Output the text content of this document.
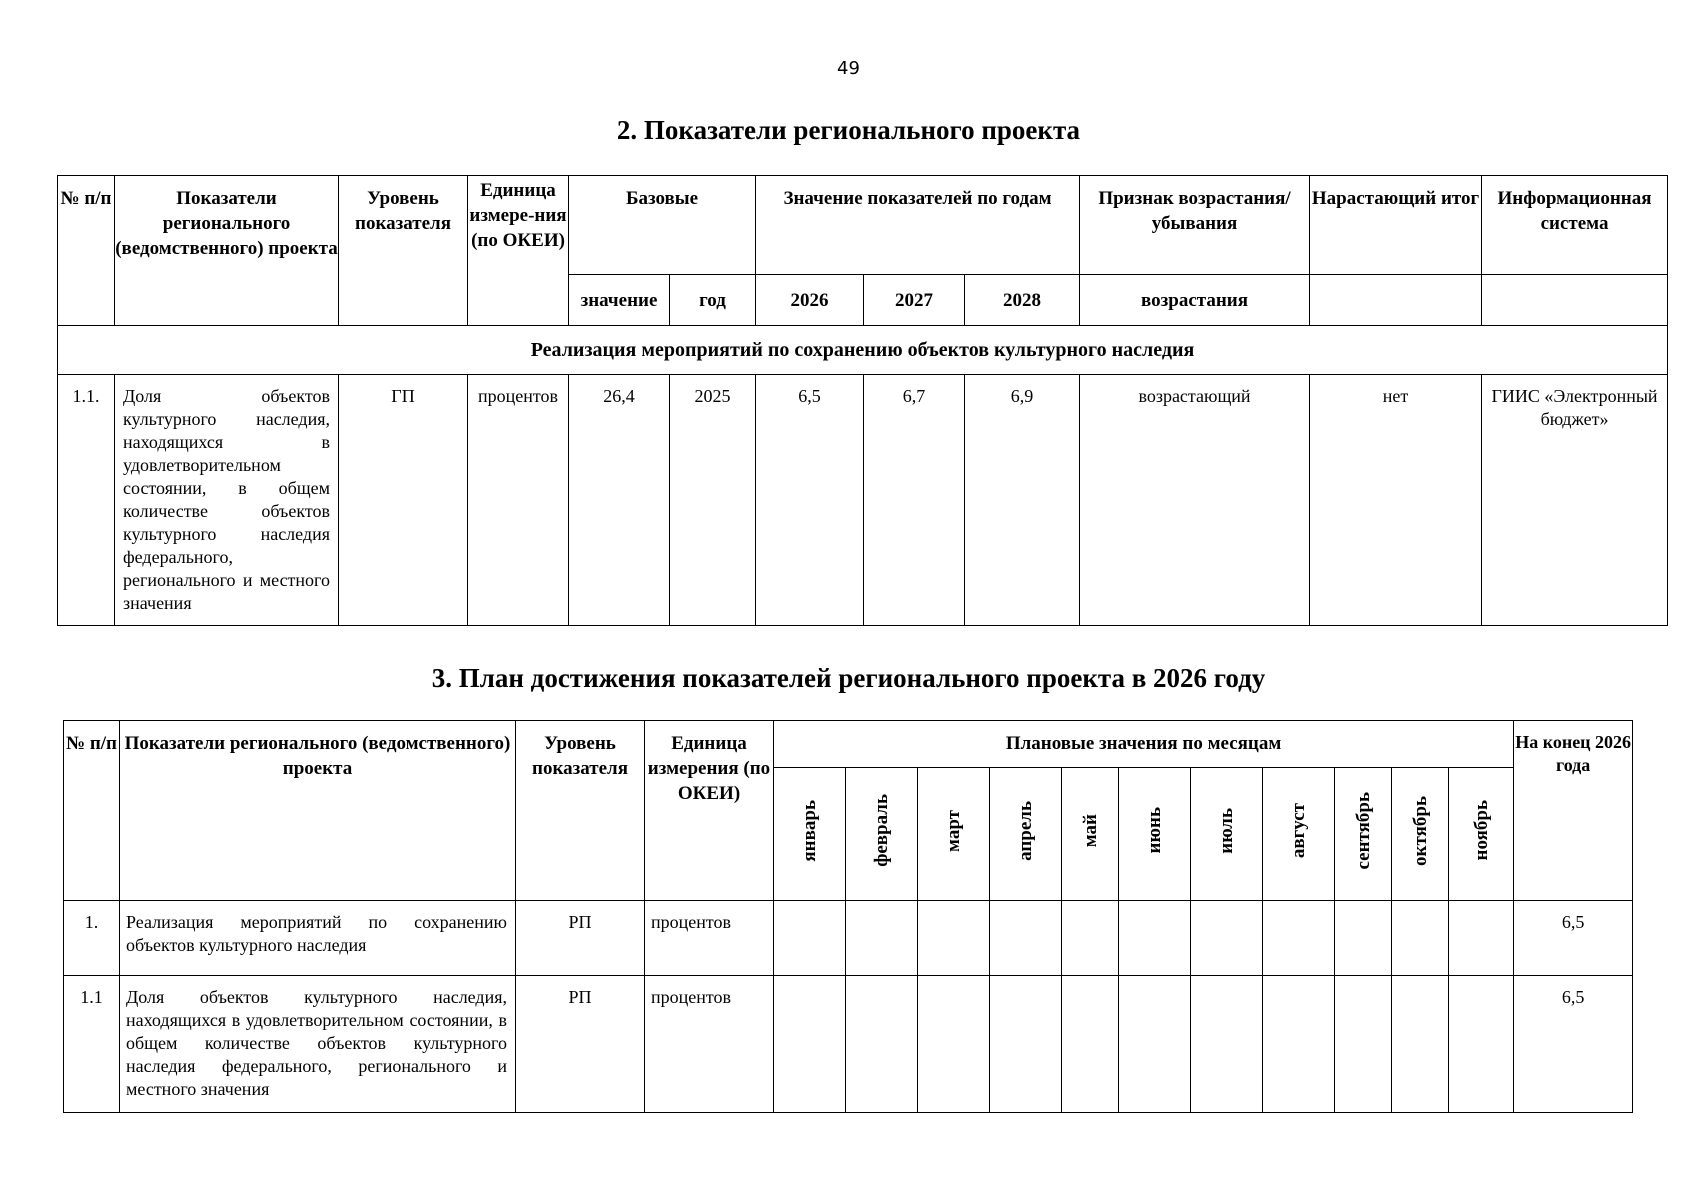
49
2. Показатели регионального проекта
№ п/п	Показатели регионального (ведомственного) проекта	Уровень показателя	Единица измере-ния (по ОКЕИ)	Базовые		Значение показателей по годам			Признак возрастания/ убывания	Нарастающий итог	Информационная система
				значение	год	2026	2027	2028	возрастания		
Реализация мероприятий по сохранению объектов культурного наследия											
1.1.	Доля объектов культурного наследия, находящихся в удовлетворительном состоянии, в общем количестве объектов культурного наследия федерального, регионального и местного значения	ГП	процентов	26,4	2025	6,5	6,7	6,9	возрастающий	нет	ГИИС «Электронный бюджет»
3. План достижения показателей регионального проекта в 2026 году
№ п/п	Показатели регионального (ведомственного) проекта	Уровень показателя	Единица измерения (по ОКЕИ)	Плановые значения по месяцам											На конец 2026 года
				январь	февраль	март	апрель	май	июнь	июль	август	сентябрь	октябрь	ноябрь	
1.	Реализация мероприятий по сохранению объектов культурного наследия	РП	процентов												6,5
1.1	Доля объектов культурного наследия, находящихся в удовлетворительном состоянии, в общем количестве объектов культурного наследия федерального, регионального и местного значения	РП	процентов												6,5
